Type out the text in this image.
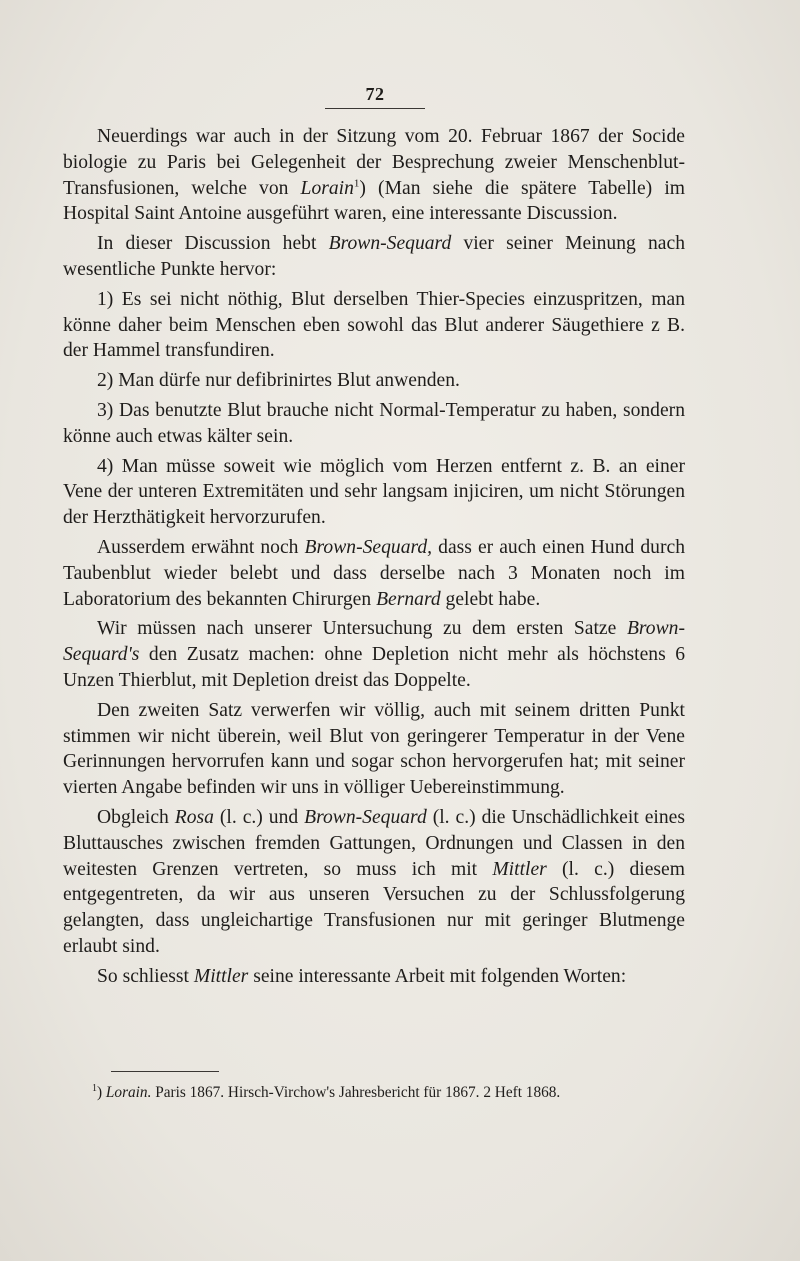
72

Neuerdings war auch in der Sitzung vom 20. Februar 1867 der Socide biologie zu Paris bei Gelegenheit der Besprechung zweier Menschenblut-Transfusionen, welche von Lorain$^1$) (Man siehe die spätere Tabelle) im Hospital Saint Antoine ausgeführt waren, eine interessante Discussion.

In dieser Discussion hebt Brown-Sequard vier seiner Meinung nach wesentliche Punkte hervor:

1) Es sei nicht nöthig, Blut derselben Thier-Species einzuspritzen, man könne daher beim Menschen eben sowohl das Blut anderer Säugethiere z B. der Hammel transfundiren.

2) Man dürfe nur defibrinirtes Blut anwenden.

3) Das benutzte Blut brauche nicht Normal-Temperatur zu haben, sondern könne auch etwas kälter sein.

4) Man müsse soweit wie möglich vom Herzen entfernt z. B. an einer Vene der unteren Extremitäten und sehr langsam injiciren, um nicht Störungen der Herzthätigkeit hervorzurufen.

Ausserdem erwähnt noch Brown-Sequard, dass er auch einen Hund durch Taubenblut wieder belebt und dass derselbe nach 3 Monaten noch im Laboratorium des bekannten Chirurgen Bernard gelebt habe.

Wir müssen nach unserer Untersuchung zu dem ersten Satze Brown-Sequard's den Zusatz machen: ohne Depletion nicht mehr als höchstens 6 Unzen Thierblut, mit Depletion dreist das Doppelte.

Den zweiten Satz verwerfen wir völlig, auch mit seinem dritten Punkt stimmen wir nicht überein, weil Blut von geringerer Temperatur in der Vene Gerinnungen hervorrufen kann und sogar schon hervorgerufen hat; mit seiner vierten Angabe befinden wir uns in völliger Uebereinstimmung.

Obgleich Rosa (l. c.) und Brown-Sequard (l. c.) die Unschädlichkeit eines Bluttausches zwischen fremden Gattungen, Ordnungen und Classen in den weitesten Grenzen vertreten, so muss ich mit Mittler (l. c.) diesem entgegentreten, da wir aus unseren Versuchen zu der Schlussfolgerung gelangten, dass ungleichartige Transfusionen nur mit geringer Blutmenge erlaubt sind.

So schliesst Mittler seine interessante Arbeit mit folgenden Worten:

$^1$) Lorain. Paris 1867. Hirsch-Virchow's Jahresbericht für 1867. 2 Heft 1868.
